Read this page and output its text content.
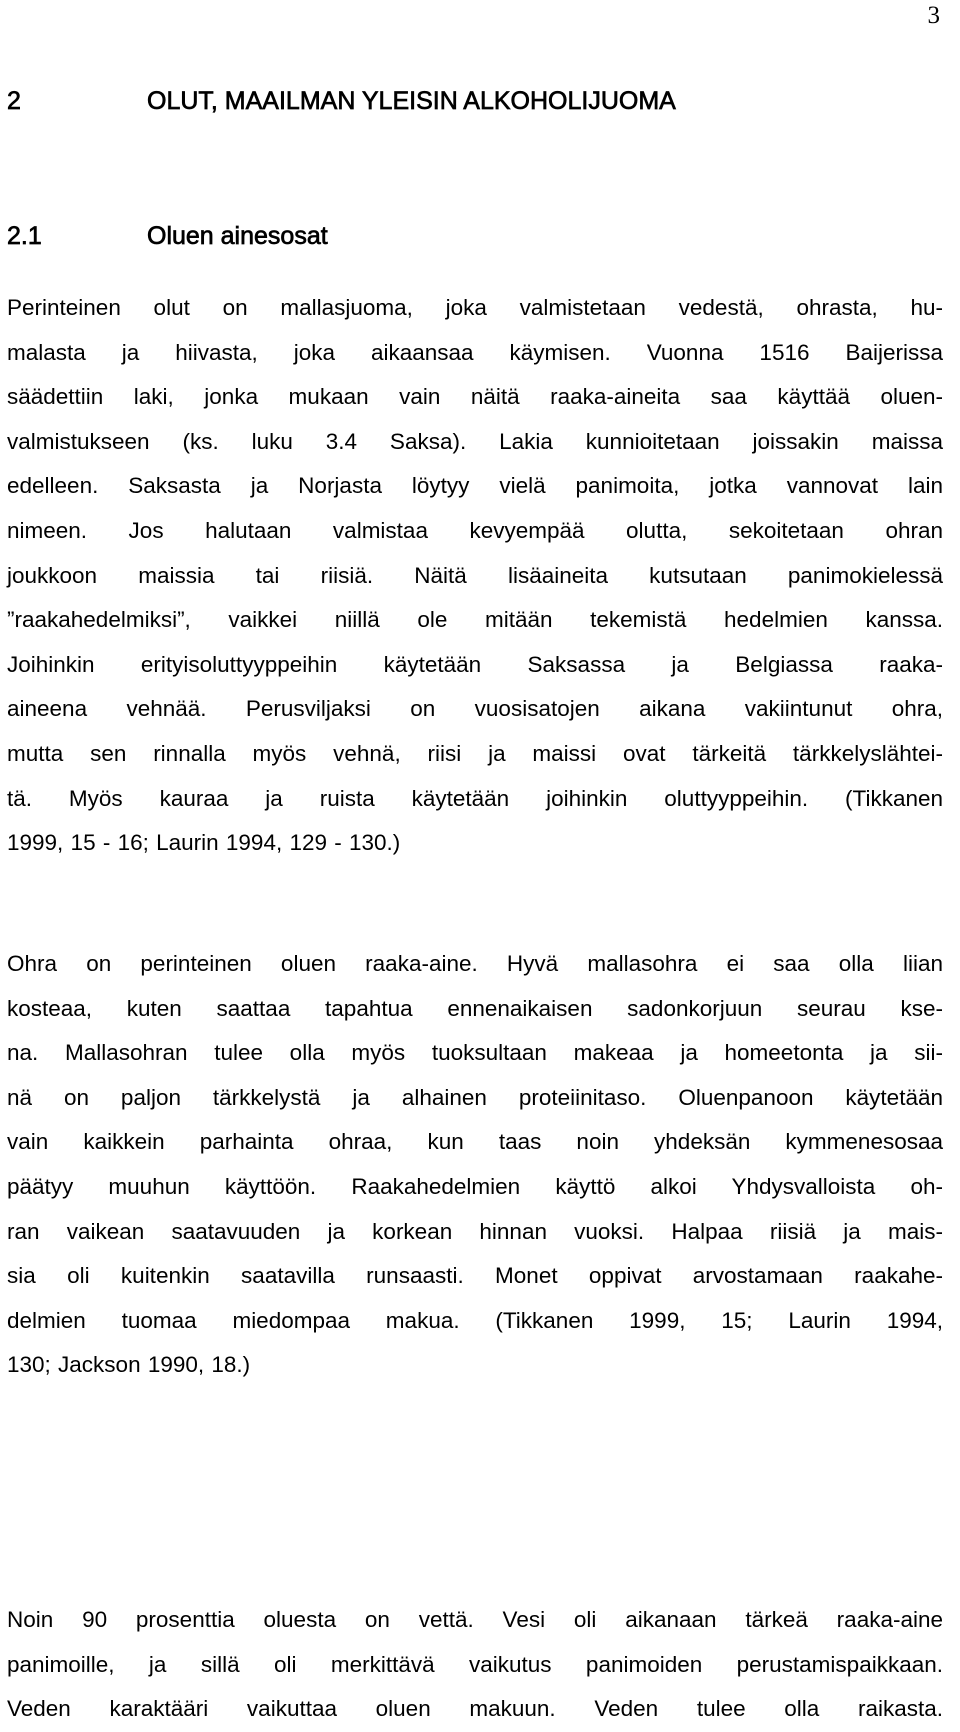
3
2	OLUT, MAAILMAN YLEISIN ALKOHOLIJUOMA
2.1	Oluen ainesosat
Perinteinen olut on mallasjuoma, joka valmistetaan vedestä, ohrasta, hu-
malasta ja hiivasta, joka aikaansaa käymisen. Vuonna 1516 Baijerissa
säädettiin laki, jonka mukaan vain näitä raaka-aineita saa käyttää oluen-
valmistukseen (ks. luku 3.4 Saksa). Lakia kunnioitetaan joissakin maissa
edelleen. Saksasta ja Norjasta löytyy vielä panimoita, jotka vannovat lain
nimeen. Jos halutaan valmistaa kevyempää olutta, sekoitetaan ohran
joukkoon maissia tai riisiä. Näitä lisäaineita kutsutaan panimokielessä
”raakahedelmiksi”, vaikkei niillä ole mitään tekemistä hedelmien kanssa.
Joihinkin erityisoluttyyppeihin käytetään Saksassa ja Belgiassa raaka-
aineena vehnää. Perusviljaksi on vuosisatojen aikana vakiintunut ohra,
mutta sen rinnalla myös vehnä, riisi ja maissi ovat tärkeitä tärkkelyslähtei-
tä. Myös kauraa ja ruista käytetään joihinkin oluttyyppeihin. (Tikkanen
1999, 15 - 16; Laurin 1994, 129 - 130.)
Ohra on perinteinen oluen raaka-aine. Hyvä mallasohra ei saa olla liian
kosteaa, kuten saattaa tapahtua ennenaikaisen sadonkorjuun seurau kse-
na. Mallasohran tulee olla myös tuoksultaan makeaa ja homeetonta ja sii-
nä on paljon tärkkelystä ja alhainen proteiinitaso. Oluenpanoon käytetään
vain kaikkein parhainta ohraa, kun taas noin yhdeksän kymmenesosaa
päätyy muuhun käyttöön. Raakahedelmien käyttö alkoi Yhdysvalloista oh-
ran vaikean saatavuuden ja korkean hinnan vuoksi. Halpaa riisiä ja mais-
sia oli kuitenkin saatavilla runsaasti. Monet oppivat arvostamaan raakahe-
delmien tuomaa miedompaa makua. (Tikkanen 1999, 15; Laurin 1994,
130; Jackson 1990, 18.)
Noin 90 prosenttia oluesta on vettä. Vesi oli aikanaan tärkeä raaka-aine
panimoille, ja sillä oli merkittävä vaikutus panimoiden perustamispaikkaan.
Veden karaktääri vaikuttaa oluen makuun. Veden tulee olla raikasta.
